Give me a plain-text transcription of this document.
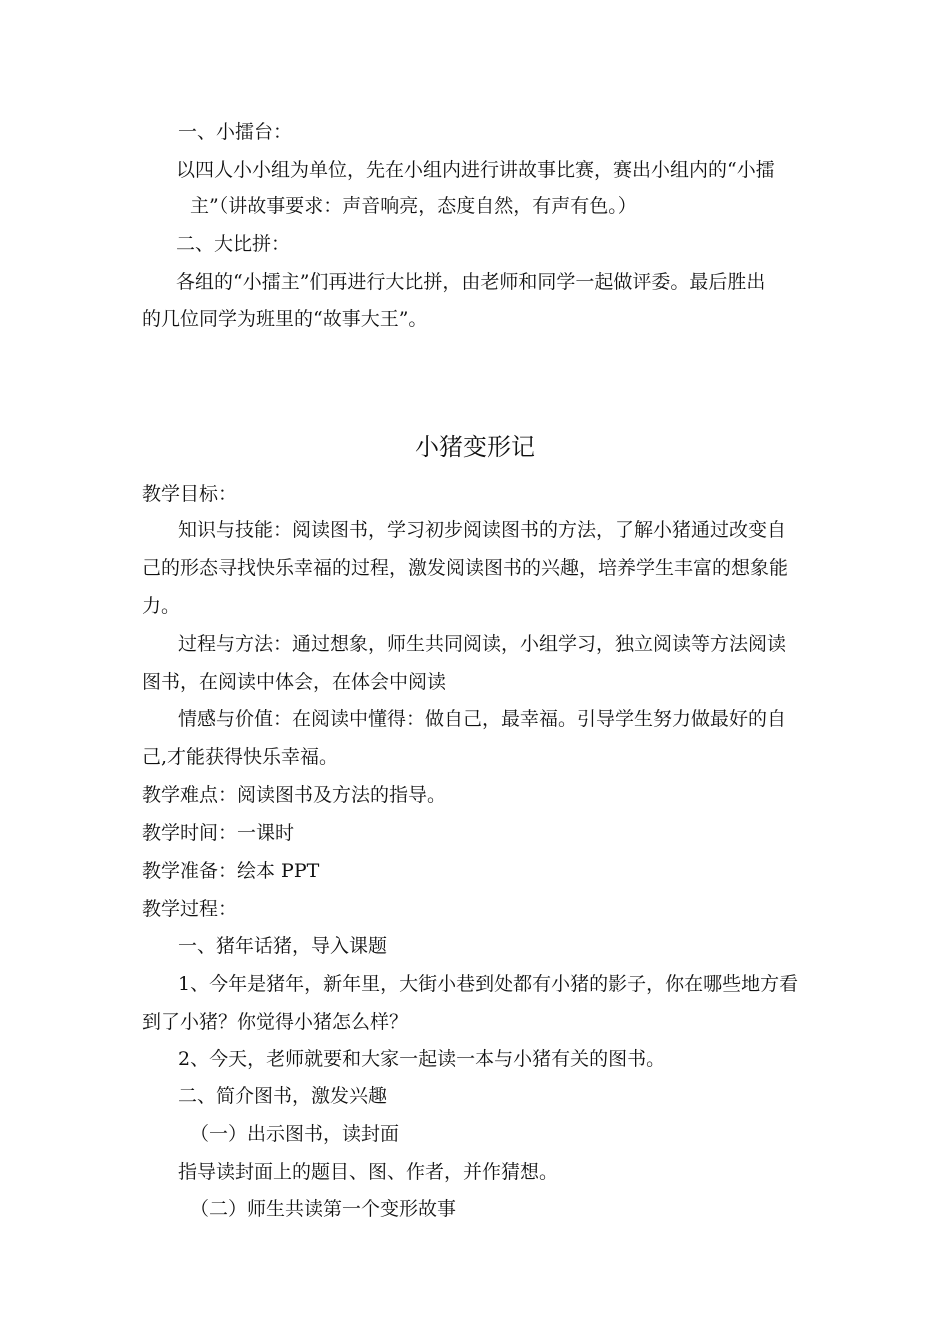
一、小擂台：
以四人小小组为单位，先在小组内进行讲故事比赛，赛出小组内的“小擂
主”（讲故事要求：声音响亮，态度自然，有声有色。）
二、大比拼：
各组的“小擂主”们再进行大比拼，由老师和同学一起做评委。最后胜出
的几位同学为班里的“故事大王”。
小猪变形记
教学目标：
知识与技能：阅读图书，学习初步阅读图书的方法，了解小猪通过改变自
己的形态寻找快乐幸福的过程，激发阅读图书的兴趣，培养学生丰富的想象能
力。
过程与方法：通过想象，师生共同阅读，小组学习，独立阅读等方法阅读
图书，在阅读中体会，在体会中阅读
情感与价值：在阅读中懂得：做自己，最幸福。引导学生努力做最好的自
己,才能获得快乐幸福。
教学难点：阅读图书及方法的指导。
教学时间：一课时
教学准备：绘本 PPT
教学过程：
一、猪年话猪，导入课题
1、今年是猪年，新年里，大街小巷到处都有小猪的影子，你在哪些地方看
到了小猪？你觉得小猪怎么样？
2、今天，老师就要和大家一起读一本与小猪有关的图书。
二、简介图书，激发兴趣
（一）出示图书，读封面
指导读封面上的题目、图、作者，并作猜想。
（二）师生共读第一个变形故事
